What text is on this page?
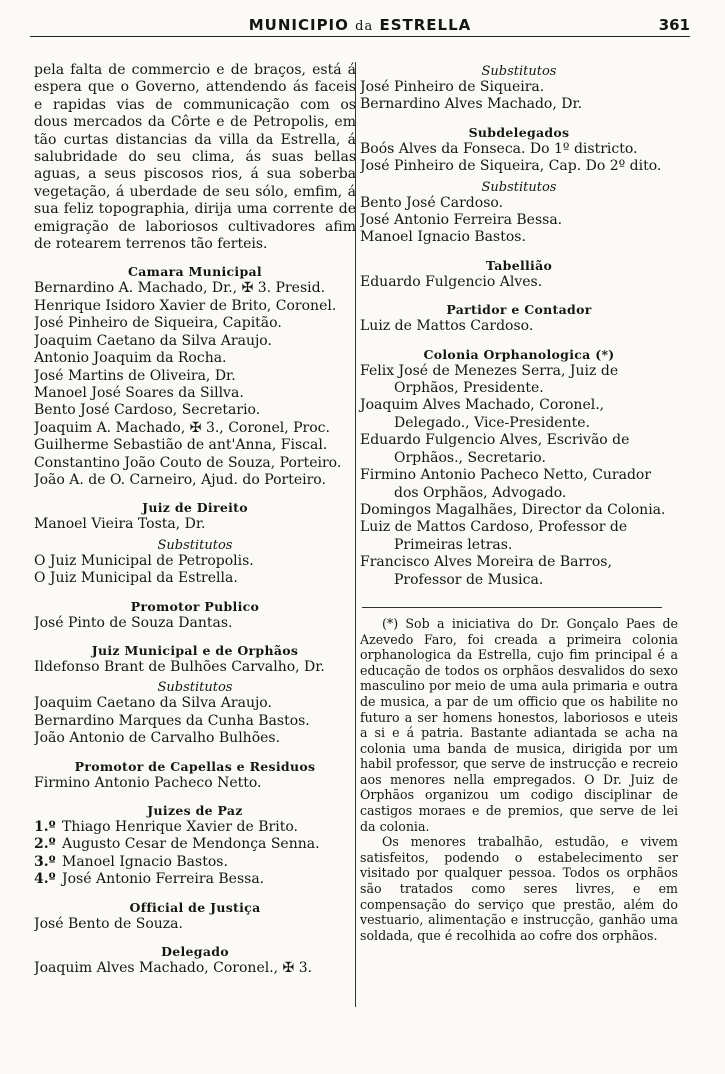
MUNICIPIO da ESTRELLA	361

pela falta de commercio e de braços, está á espera que o Governo, attendendo ás faceis e rapidas vias de communicação com os dous mercados da Côrte e de Petropolis, em tão curtas distancias da villa da Estrella, á salubridade do seu clima, ás suas bellas aguas, a seus piscosos rios, á sua soberba vegetação, á uberdade de seu sólo, emfim, á sua feliz topographia, dirija uma corrente de emigração de laboriosos cultivadores afim de rotearem terrenos tão ferteis.

Camara Municipal
Bernardino A. Machado, Dr., ✠ 3. Presid.
Henrique Isidoro Xavier de Brito, Coronel.
José Pinheiro de Siqueira, Capitão.
Joaquim Caetano da Silva Araujo.
Antonio Joaquim da Rocha.
José Martins de Oliveira, Dr.
Manoel José Soares da Sillva.
Bento José Cardoso, Secretario.
Joaquim A. Machado, ✠ 3., Coronel, Proc.
Guilherme Sebastião de ant'Anna, Fiscal.
Constantino João Couto de Souza, Porteiro.
João A. de O. Carneiro, Ajud. do Porteiro.
Juiz de Direito
Manoel Vieira Tosta, Dr.
Substitutos
O Juiz Municipal de Petropolis.
O Juiz Municipal da Estrella.
Promotor Publico
José Pinto de Souza Dantas.
Juiz Municipal e de Orphãos
Ildefonso Brant de Bulhões Carvalho, Dr.
Substitutos
Joaquim Caetano da Silva Araujo.
Bernardino Marques da Cunha Bastos.
João Antonio de Carvalho Bulhões.
Promotor de Capellas e Residuos
Firmino Antonio Pacheco Netto.
Juizes de Paz
1.º Thiago Henrique Xavier de Brito.
2.º Augusto Cesar de Mendonça Senna.
3.º Manoel Ignacio Bastos.
4.º José Antonio Ferreira Bessa.
Official de Justiça
José Bento de Souza.
Delegado
Joaquim Alves Machado, Coronel., ✠ 3.
Substitutos
José Pinheiro de Siqueira.
Bernardino Alves Machado, Dr.
Subdelegados
Boós Alves da Fonseca. Do 1º districto.
José Pinheiro de Siqueira, Cap. Do 2º dito.
Substitutos
Bento José Cardoso.
José Antonio Ferreira Bessa.
Manoel Ignacio Bastos.
Tabellião
Eduardo Fulgencio Alves.
Partidor e Contador
Luiz de Mattos Cardoso.
Colonia Orphanologica (*)
Felix José de Menezes Serra, Juiz de Orphãos, Presidente.
Joaquim Alves Machado, Coronel., Delegado., Vice-Presidente.
Eduardo Fulgencio Alves, Escrivão de Orphãos., Secretario.
Firmino Antonio Pacheco Netto, Curador dos Orphãos, Advogado.
Domingos Magalhães, Director da Colonia.
Luiz de Mattos Cardoso, Professor de Primeiras letras.
Francisco Alves Moreira de Barros, Professor de Musica.

(*) Sob a iniciativa do Dr. Gonçalo Paes de Azevedo Faro, foi creada a primeira colonia orphanologica da Estrella, cujo fim principal é a educação de todos os orphãos desvalidos do sexo masculino por meio de uma aula primaria e outra de musica, a par de um officio que os habilite no futuro a ser homens honestos, laboriosos e uteis a si e á patria. Bastante adiantada se acha na colonia uma banda de musica, dirigida por um habil professor, que serve de instrucção e recreio aos menores nella empregados. O Dr. Juiz de Orphãos organizou um codigo disciplinar de castigos moraes e de premios, que serve de lei da colonia.

Os menores trabalhão, estudão, e vivem satisfeitos, podendo o estabelecimento ser visitado por qualquer pessoa. Todos os orphãos são tratados como seres livres, e em compensação do serviço que prestão, além do vestuario, alimentação e instrucção, ganhão uma soldada, que é recolhida ao cofre dos orphãos.
